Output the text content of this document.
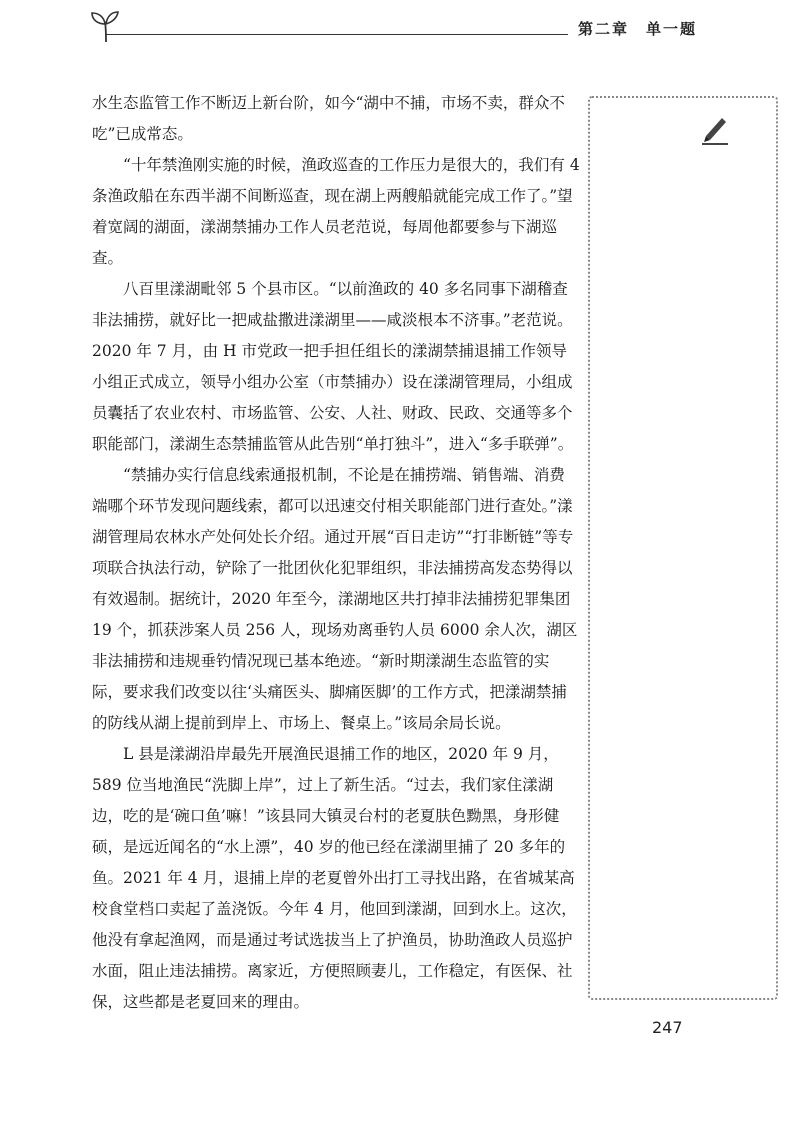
第二章　单一题

水生态监管工作不断迈上新台阶，如今“湖中不捕，市场不卖，群众不吃”已成常态。

“十年禁渔刚实施的时候，渔政巡查的工作压力是很大的，我们有 4 条渔政船在东西半湖不间断巡查，现在湖上两艘船就能完成工作了。”望着宽阔的湖面，漾湖禁捕办工作人员老范说，每周他都要参与下湖巡查。

八百里漾湖毗邻 5 个县市区。“以前渔政的 40 多名同事下湖稽查非法捕捞，就好比一把咸盐撒进漾湖里——咸淡根本不济事。”老范说。2020 年 7 月，由 H 市党政一把手担任组长的漾湖禁捕退捕工作领导小组正式成立，领导小组办公室（市禁捕办）设在漾湖管理局，小组成员囊括了农业农村、市场监管、公安、人社、财政、民政、交通等多个职能部门，漾湖生态禁捕监管从此告别“单打独斗”，进入“多手联弹”。

“禁捕办实行信息线索通报机制，不论是在捕捞端、销售端、消费端哪个环节发现问题线索，都可以迅速交付相关职能部门进行查处。”漾湖管理局农林水产处何处长介绍。通过开展“百日走访”“打非断链”等专项联合执法行动，铲除了一批团伙化犯罪组织，非法捕捞高发态势得以有效遏制。据统计，2020 年至今，漾湖地区共打掉非法捕捞犯罪集团 19 个，抓获涉案人员 256 人，现场劝离垂钓人员 6000 余人次，湖区非法捕捞和违规垂钓情况现已基本绝迹。“新时期漾湖生态监管的实际，要求我们改变以往‘头痛医头、脚痛医脚’的工作方式，把漾湖禁捕的防线从湖上提前到岸上、市场上、餐桌上。”该局余局长说。

L 县是漾湖沿岸最先开展渔民退捕工作的地区，2020 年 9 月，589 位当地渔民“洗脚上岸”，过上了新生活。“过去，我们家住漾湖边，吃的是‘碗口鱼’嘛！”该县同大镇灵台村的老夏肤色黝黑，身形健硕，是远近闻名的“水上漂”，40 岁的他已经在漾湖里捕了 20 多年的鱼。2021 年 4 月，退捕上岸的老夏曾外出打工寻找出路，在省城某高校食堂档口卖起了盖浇饭。今年 4 月，他回到漾湖，回到水上。这次，他没有拿起渔网，而是通过考试选拔当上了护渔员，协助渔政人员巡护水面，阻止违法捕捞。离家近，方便照顾妻儿，工作稳定，有医保、社保，这些都是老夏回来的理由。

247
